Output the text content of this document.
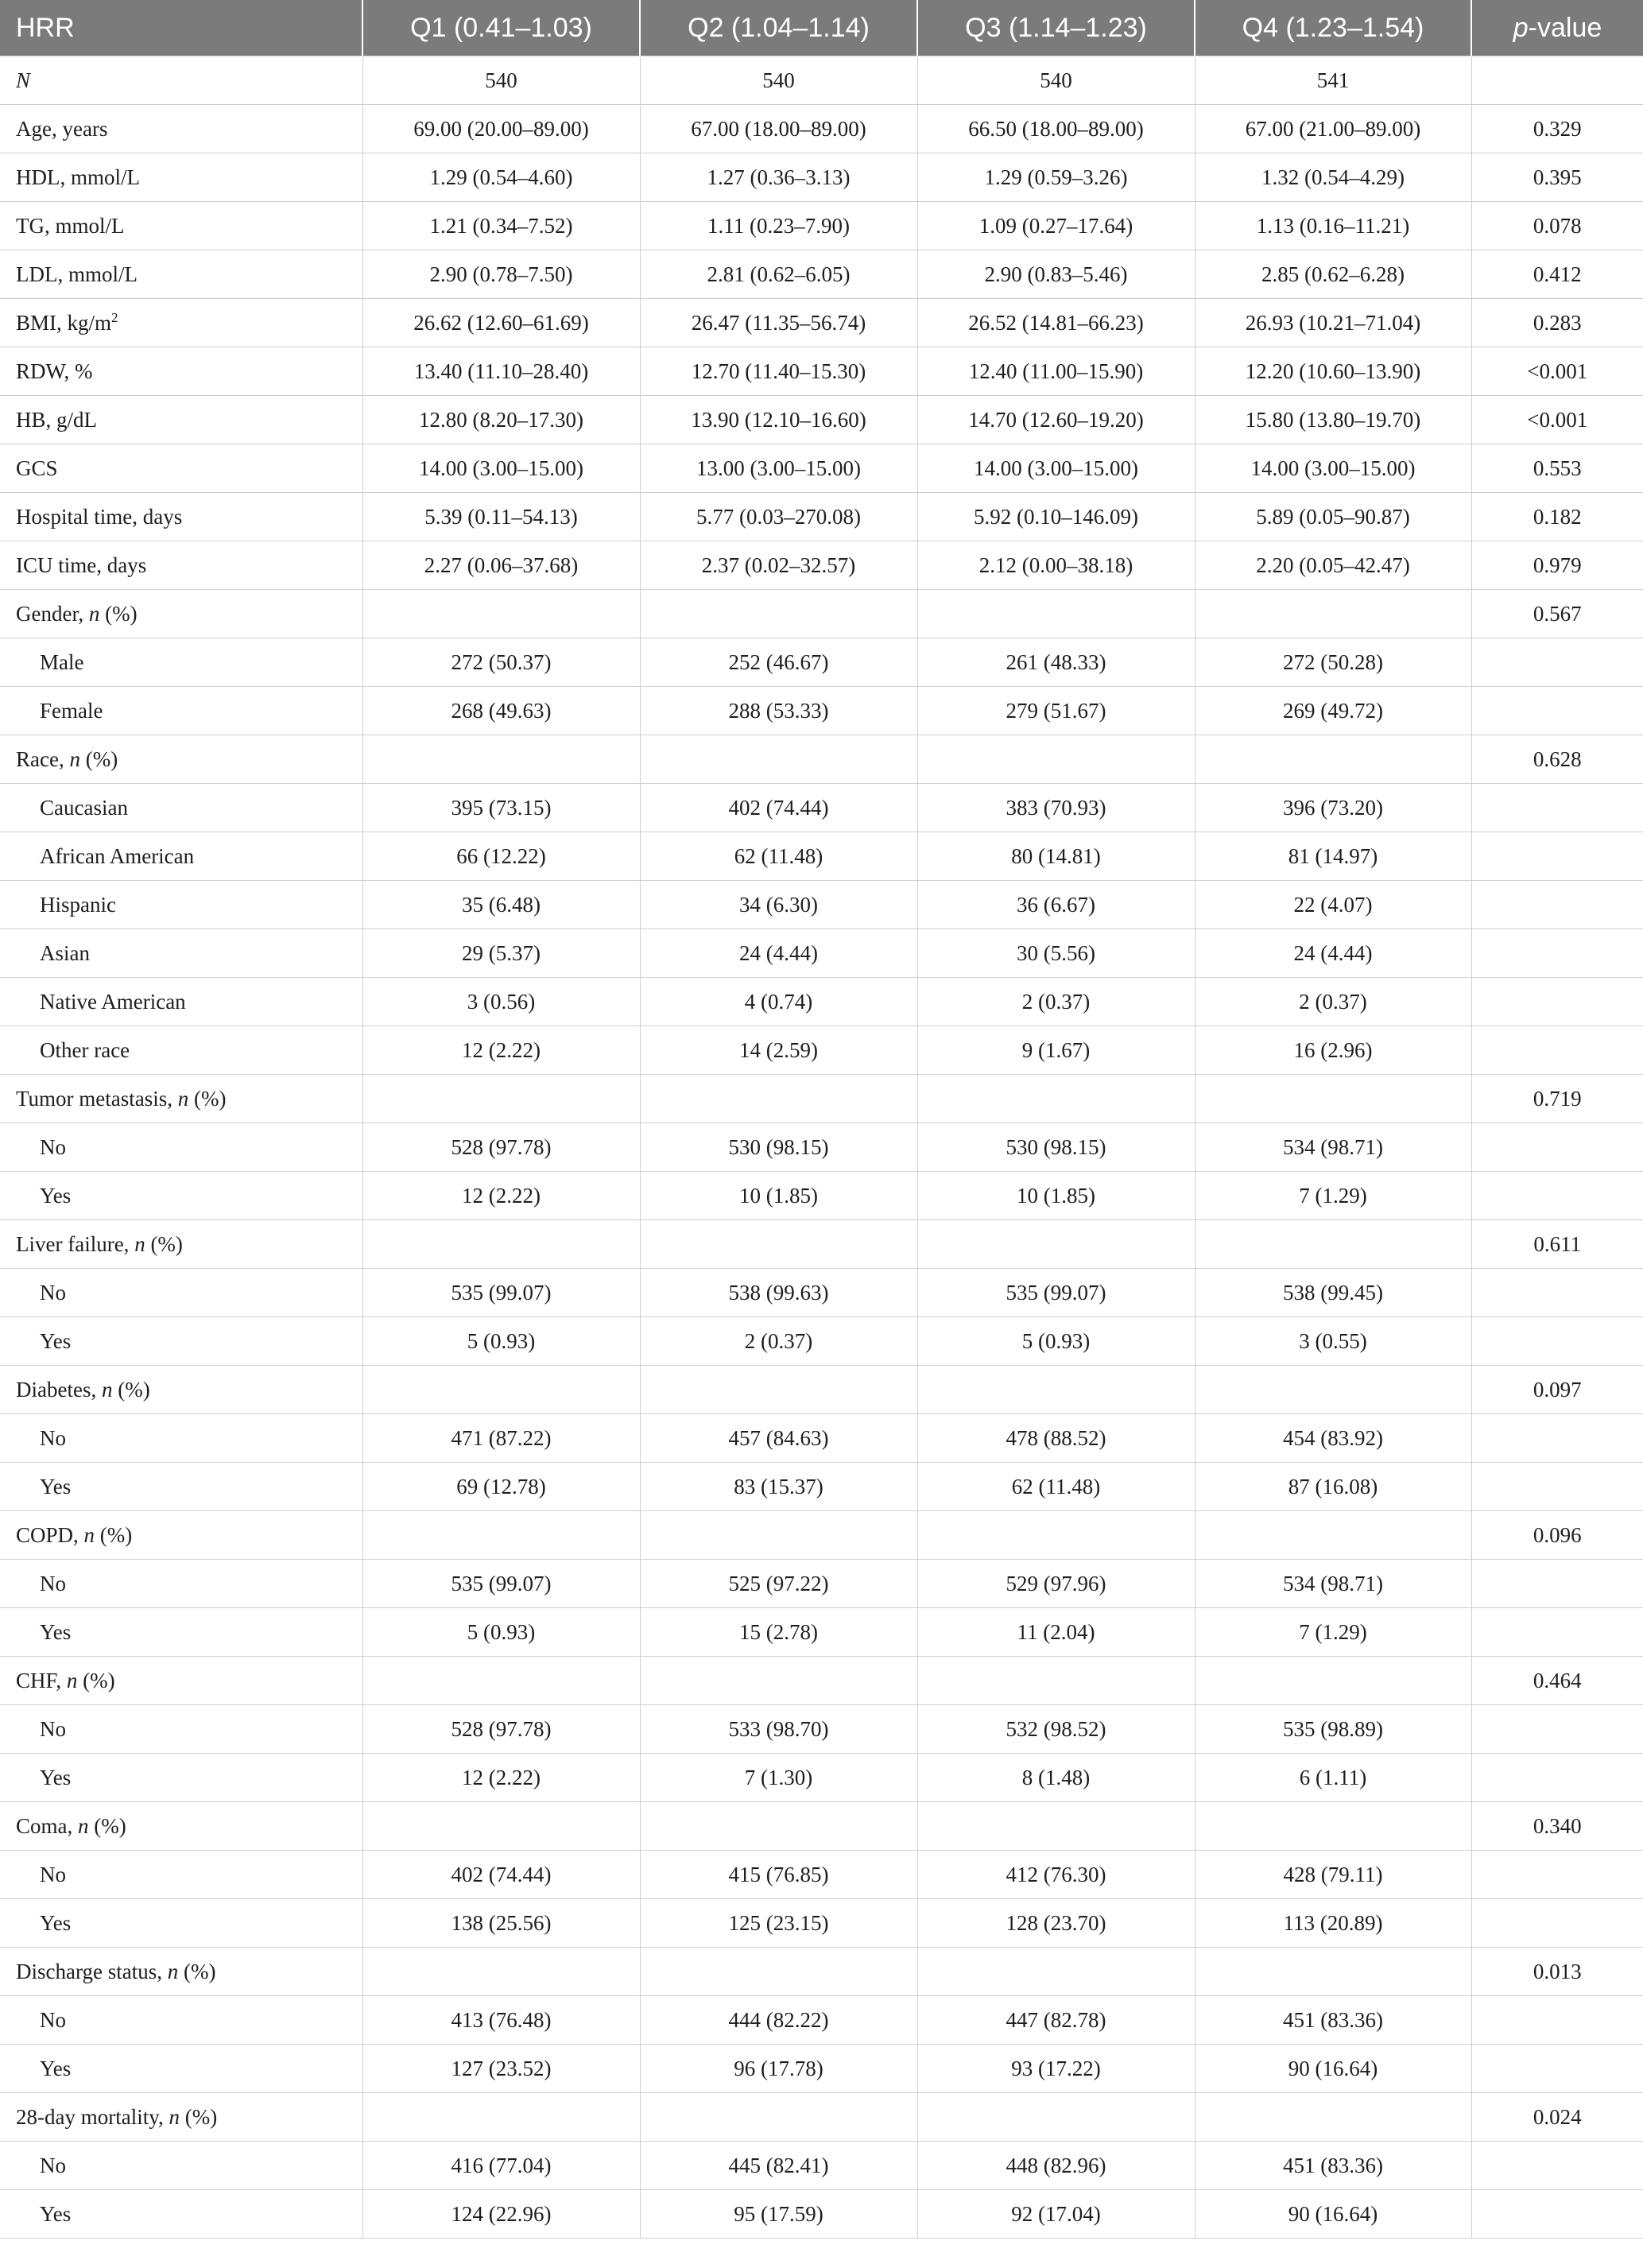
HRR	Q1 (0.41–1.03)	Q2 (1.04–1.14)	Q3 (1.14–1.23)	Q4 (1.23–1.54)	p-value
N	540	540	540	541	
Age, years	69.00 (20.00–89.00)	67.00 (18.00–89.00)	66.50 (18.00–89.00)	67.00 (21.00–89.00)	0.329
HDL, mmol/L	1.29 (0.54–4.60)	1.27 (0.36–3.13)	1.29 (0.59–3.26)	1.32 (0.54–4.29)	0.395
TG, mmol/L	1.21 (0.34–7.52)	1.11 (0.23–7.90)	1.09 (0.27–17.64)	1.13 (0.16–11.21)	0.078
LDL, mmol/L	2.90 (0.78–7.50)	2.81 (0.62–6.05)	2.90 (0.83–5.46)	2.85 (0.62–6.28)	0.412
BMI, $kg/m^2$	26.62 (12.60–61.69)	26.47 (11.35–56.74)	26.52 (14.81–66.23)	26.93 (10.21–71.04)	0.283
RDW, %	13.40 (11.10–28.40)	12.70 (11.40–15.30)	12.40 (11.00–15.90)	12.20 (10.60–13.90)	<0.001
HB, g/dL	12.80 (8.20–17.30)	13.90 (12.10–16.60)	14.70 (12.60–19.20)	15.80 (13.80–19.70)	<0.001
GCS	14.00 (3.00–15.00)	13.00 (3.00–15.00)	14.00 (3.00–15.00)	14.00 (3.00–15.00)	0.553
Hospital time, days	5.39 (0.11–54.13)	5.77 (0.03–270.08)	5.92 (0.10–146.09)	5.89 (0.05–90.87)	0.182
ICU time, days	2.27 (0.06–37.68)	2.37 (0.02–32.57)	2.12 (0.00–38.18)	2.20 (0.05–42.47)	0.979
Gender, n (%)					0.567
Male	272 (50.37)	252 (46.67)	261 (48.33)	272 (50.28)	
Female	268 (49.63)	288 (53.33)	279 (51.67)	269 (49.72)	
Race, n (%)					0.628
Caucasian	395 (73.15)	402 (74.44)	383 (70.93)	396 (73.20)	
African American	66 (12.22)	62 (11.48)	80 (14.81)	81 (14.97)	
Hispanic	35 (6.48)	34 (6.30)	36 (6.67)	22 (4.07)	
Asian	29 (5.37)	24 (4.44)	30 (5.56)	24 (4.44)	
Native American	3 (0.56)	4 (0.74)	2 (0.37)	2 (0.37)	
Other race	12 (2.22)	14 (2.59)	9 (1.67)	16 (2.96)	
Tumor metastasis, n (%)					0.719
No	528 (97.78)	530 (98.15)	530 (98.15)	534 (98.71)	
Yes	12 (2.22)	10 (1.85)	10 (1.85)	7 (1.29)	
Liver failure, n (%)					0.611
No	535 (99.07)	538 (99.63)	535 (99.07)	538 (99.45)	
Yes	5 (0.93)	2 (0.37)	5 (0.93)	3 (0.55)	
Diabetes, n (%)					0.097
No	471 (87.22)	457 (84.63)	478 (88.52)	454 (83.92)	
Yes	69 (12.78)	83 (15.37)	62 (11.48)	87 (16.08)	
COPD, n (%)					0.096
No	535 (99.07)	525 (97.22)	529 (97.96)	534 (98.71)	
Yes	5 (0.93)	15 (2.78)	11 (2.04)	7 (1.29)	
CHF, n (%)					0.464
No	528 (97.78)	533 (98.70)	532 (98.52)	535 (98.89)	
Yes	12 (2.22)	7 (1.30)	8 (1.48)	6 (1.11)	
Coma, n (%)					0.340
No	402 (74.44)	415 (76.85)	412 (76.30)	428 (79.11)	
Yes	138 (25.56)	125 (23.15)	128 (23.70)	113 (20.89)	
Discharge status, n (%)					0.013
No	413 (76.48)	444 (82.22)	447 (82.78)	451 (83.36)	
Yes	127 (23.52)	96 (17.78)	93 (17.22)	90 (16.64)	
28-day mortality, n (%)					0.024
No	416 (77.04)	445 (82.41)	448 (82.96)	451 (83.36)	
Yes	124 (22.96)	95 (17.59)	92 (17.04)	90 (16.64)	
